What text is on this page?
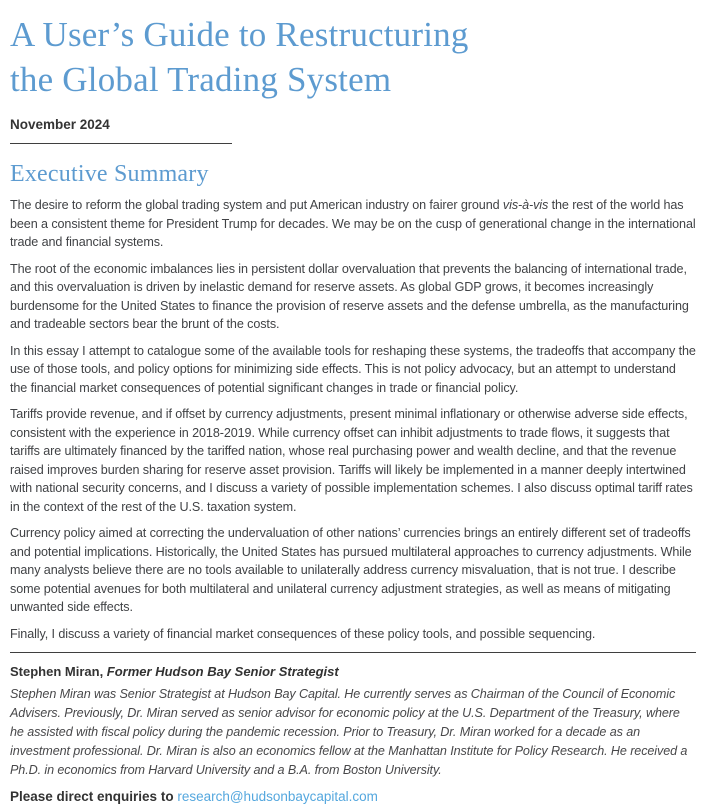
A User’s Guide to Restructuring
the Global Trading System
November 2024
Executive Summary

The desire to reform the global trading system and put American industry on fairer ground vis-à-vis the rest of the world has been a consistent theme for President Trump for decades. We may be on the cusp of generational change in the international trade and financial systems.

The root of the economic imbalances lies in persistent dollar overvaluation that prevents the balancing of international trade, and this overvaluation is driven by inelastic demand for reserve assets. As global GDP grows, it becomes increasingly burdensome for the United States to finance the provision of reserve assets and the defense umbrella, as the manufacturing and tradeable sectors bear the brunt of the costs.

In this essay I attempt to catalogue some of the available tools for reshaping these systems, the tradeoffs that accompany the use of those tools, and policy options for minimizing side effects. This is not policy advocacy, but an attempt to understand the financial market consequences of potential significant changes in trade or financial policy.

Tariffs provide revenue, and if offset by currency adjustments, present minimal inflationary or otherwise adverse side effects, consistent with the experience in 2018-2019. While currency offset can inhibit adjustments to trade flows, it suggests that tariffs are ultimately financed by the tariffed nation, whose real purchasing power and wealth decline, and that the revenue raised improves burden sharing for reserve asset provision. Tariffs will likely be implemented in a manner deeply intertwined with national security concerns, and I discuss a variety of possible implementation schemes. I also discuss optimal tariff rates in the context of the rest of the U.S. taxation system.

Currency policy aimed at correcting the undervaluation of other nations’ currencies brings an entirely different set of tradeoffs and potential implications. Historically, the United States has pursued multilateral approaches to currency adjustments. While many analysts believe there are no tools available to unilaterally address currency misvaluation, that is not true. I describe some potential avenues for both multilateral and unilateral currency adjustment strategies, as well as means of mitigating unwanted side effects.

Finally, I discuss a variety of financial market consequences of these policy tools, and possible sequencing.

Stephen Miran, Former Hudson Bay Senior Strategist

Stephen Miran was Senior Strategist at Hudson Bay Capital. He currently serves as Chairman of the Council of Economic Advisers. Previously, Dr. Miran served as senior advisor for economic policy at the U.S. Department of the Treasury, where he assisted with fiscal policy during the pandemic recession. Prior to Treasury, Dr. Miran worked for a decade as an investment professional. Dr. Miran is also an economics fellow at the Manhattan Institute for Policy Research. He received a Ph.D. in economics from Harvard University and a B.A. from Boston University.

Please direct enquiries to research@hudsonbaycapital.com
